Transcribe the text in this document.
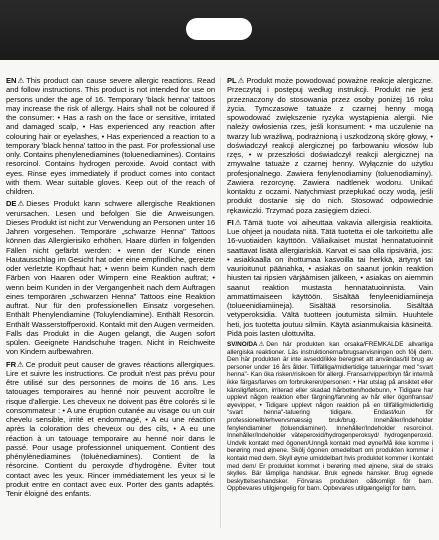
EN⚠ This product can cause severe allergic reactions. Read and follow instructions. This product is not intended for use on persons under the age of 16. Temporary 'black henna' tattoos may increase the risk of allergy. Hairs shall not be coloured if the consumer: • Has a rash on the face or sensitive, irritated and damaged scalp, • Has experienced any reaction after colouring hair or eyelashes, • Has experienced a reaction to a temporary 'black henna' tattoo in the past. For professional use only. Contains phenylenediamines (toluenediamines). Contains resorcinol. Contains hydrogen peroxide. Avoid contact with eyes. Rinse eyes immediately if product comes into contact with them. Wear suitable gloves. Keep out of the reach of children.

DE⚠ Dieses Produkt kann schwere allergische Reaktionen verursachen. Lesen und befolgen Sie die Anweisungen. Dieses Produkt ist nicht zur Verwendung an Personen unter 16 Jahren vorgesehen. Temporäre „schwarze Henna" Tattoos können das Allergierisiko erhöhen. Haare dürfen in folgenden Fällen nicht gefärbt werden: • wenn der Kunde einen Hautausschlag im Gesicht hat oder eine empfindliche, gereizte oder verletzte Kopfhaut hat; • wenn beim Kunden nach dem Färben von Haaren oder Wimpern eine Reaktion auftrat; • wenn beim Kunden in der Vergangenheit nach dem Auftragen eines temporären „schwarzen Henna" Tattoos eine Reaktion auftrat. Nur für den professionellen Einsatz vorgesehen. Enthält Phenylendiamine (Toluylendiamine). Enthält Resorcin. Enthält Wasserstoffperoxid. Kontakt mit den Augen vermeiden. Falls das Produkt in die Augen gelangt, die Augen sofort spülen. Geeignete Handschuhe tragen. Nicht in Reichweite von Kindern aufbewahren.

FR⚠ Ce produit peut causer de graves réactions allergiques. Lire et suivre les instructions. Ce produit n'est pas prévu pour être utilisé sur des personnes de moins de 16 ans. Les tatouages temporaires au henné noir peuvent accroître le risque d'allergie. Les cheveux ne doivent pas être colorés si le consommateur : • A une éruption cutanée au visage ou un cuir chevelu sensible, irrité et endommagé, • A eu une réaction après la coloration des cheveux ou des cils, • A eu une réaction à un tatouage temporaire au henné noir dans le passé. Pour usage professionnel uniquement. Contient des phénylènediamines (toluènediamines). Contient de la résorcine. Contient du peroxyde d'hydrogène. Éviter tout contact avec les yeux. Rincer immédiatement les yeux si le produit entre en contact avec eux. Porter des gants adaptés. Tenir éloigné des enfants.

PL⚠ Produkt może powodować poważne reakcje alergiczne. Przeczytaj i postępuj według instrukcji. Produkt nie jest przeznaczony do stosowania przez osoby poniżej 16 roku życia. Tymczasowe tatuaże z czarnej henny mogą spowodować zwiększenie ryzyka wystąpienia alergii. Nie należy owłosienia rzes, jeśli konsument: • ma uczulenie na twarzy lub wrażliwą, podrażnioną i uszkodzoną skórę głowy, • doświadczył reakcji alergicznej po farbowaniu włosów lub rzęs, • w przeszłości doświadczył reakcji alergicznej na zmywalne tatuaże z czarnej henny. Wyłącznie do użytku profesjonalnego. Zawiera fenylenodiaminy (toluenodiaminy). Zawiera rezorcynę. Zawiera nadtlenek wodoru. Unikać kontaktu z oczami. Natychmiast przepłukać oczy wodą, jeśli produkt dostanie się do nich. Stosować odpowiednie rękawiczki. Trzymać poza zasięgiem dzieci.

FI⚠ Tämä tuote voi aiheuttaa vakavia allergisia reaktioita. Lue ohjeet ja noudata niitä. Tätä tuotetta ei ole tarkoitettu alle 16-vuotiaiden käyttöön. Väliaikaiset mustat hennatatuoinnit saattavat lisätä allergiariskiä. Karvat ei saa olla ripsiväriä, jos: • asiakkaalla on ihottumaa kasvoilla tai herkkä, ärtynyt tai vaurioitunut päänahka, • asiakas on saanut jonkin reaktion hiusten tai ripsien värjäämisen jälkeen, • asiakas on aiemmin saanut reaktion mustasta hennatatuoinnista. Vain ammattimaiseen käyttöön. Sisältää fenyleenidiamiineja (tolueenidiamiineja). Sisältää resorsinolia. Sisältää vetyperoksidia. Vältä tuotteen joutumista silmiin. Huuhtele heti, jos tuotetta joutuu silmiin. Käytä asianmukaisia käsineitä. Pidä pois lasten ulottuvilta.

SV/NO/DA⚠ Den här produkten kan orsaka/FREMKALDE allvarliga allergiska reaktioner. Läs instruktionerna/brugsanvisningen och följ dem. Den här produkten är inte avsedd/ikke beregnet att användas/til brug av personer under 16 års ålder. Tillfälliga/midlertidige tatueringar med "svart henna"- Kan öka risken/risikoen för allergi. Fransar/vipper/bryn får inte/må ikke färgas/farves om forbrukeren/personen: • Har utslag på ansiktet eller känslig/følsom, irriterad eller skadad hårbotten/hodebunn, • Tidigare har upplevt någon reaktion efter färgning/farvning av hår eller ögonfransar/øyevipper, • Tidigare upplevt någon reaktion på en tillfällig/midlertidig "svart henna"-tatuering tidigare. Endast/kun för professionellt/erhvervsmæssig bruk/brug. Innehåller/Indeholder fenylendiaminer (toluendiaminer). Innehåller/Indeholder resorcinol. Innehåller/Indeholder väteperoxid/hydrogenperoksyd/ hydrogenperoxid. Undvik kontakt med ögonen/Unngå kontakt med øyne/Må ikke komme i berøring med øjnene. Skölj ögonen omedelbart om produkten kommer i kontakt med dem. Skyll øyne umiddelbart hvis produktet kommer i kontakt med dem/ Er produktet kommet i berøring med øjnene, skal de straks skylles. Bär lämpliga handskar. Bruk egnede hansker. Brug egnede beskyttelseshandsker. Förvaras produkten oåtkomligt för barn. Oppbevares utilgjengelig for barn. Opbevares utilgængeligt for børn.
